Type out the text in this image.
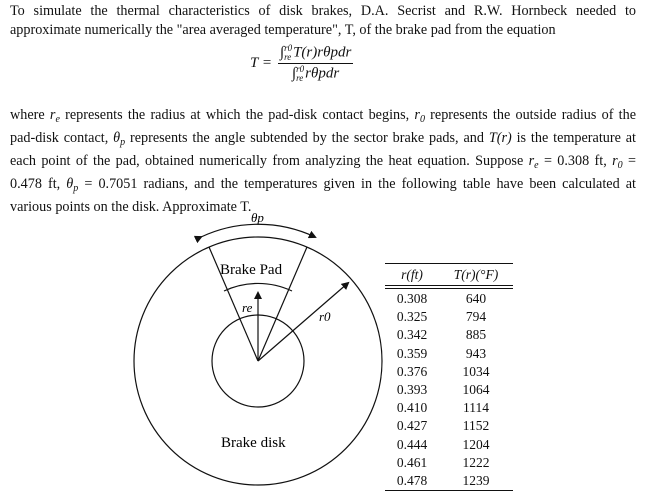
To simulate the thermal characteristics of disk brakes, D.A. Secrist and R.W. Hornbeck needed to approximate numerically the "area averaged temperature", T, of the brake pad from the equation

T = ∫ r0
re T(r)rθpdr
∫ r0
re rθpdr

where $r_e$ represents the radius at which the pad-disk contact begins, $r_0$ represents the outside radius of the pad-disk contact, $\theta_p$ represents the angle subtended by the sector brake pads, and T(r) is the temperature at each point of the pad, obtained numerically from analyzing the heat equation. Suppose $r_e = 0.308$ ft, $r_0 = 0.478$ ft, $\theta_p = 0.7051$ radians, and the temperatures given in the following table have been calculated at various points on the disk. Approximate T.

θp
Brake Pad
re
r0
Brake disk
r(ft)	T(r)(°F)
0.308	640
0.325	794
0.342	885
0.359	943
0.376	1034
0.393	1064
0.410	1114
0.427	1152
0.444	1204
0.461	1222
0.478	1239
